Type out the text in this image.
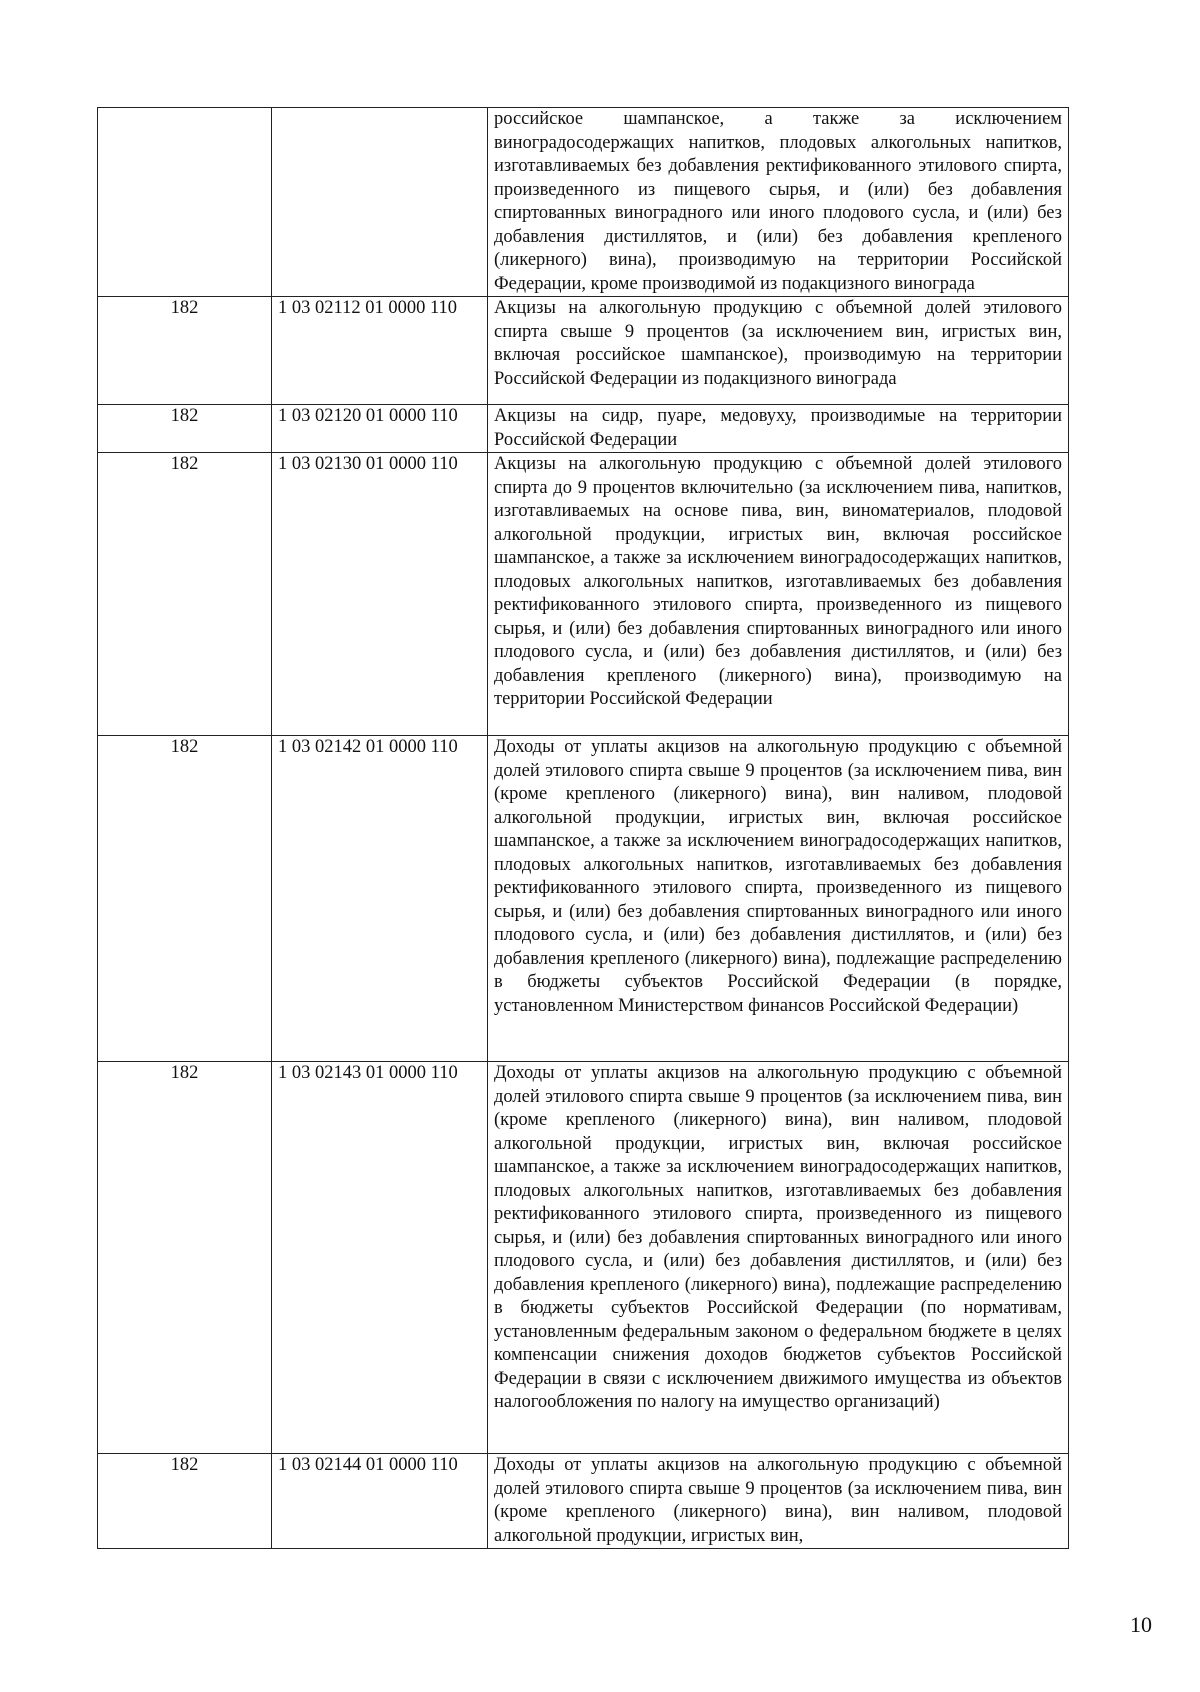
		российское шампанское, а также за исключением виноградосодержащих напитков, плодовых алкогольных напитков, изготавливаемых без добавления ректификованного этилового спирта, произведенного из пищевого сырья, и (или) без добавления спиртованных виноградного или иного плодового сусла, и (или) без добавления дистиллятов, и (или) без добавления крепленого (ликерного) вина), производимую на территории Российской Федерации, кроме производимой из подакцизного винограда
182	1 03 02112 01 0000 110	Акцизы на алкогольную продукцию с объемной долей этилового спирта свыше 9 процентов (за исключением вин, игристых вин, включая российское шампанское), производимую на территории Российской Федерации из подакцизного винограда
182	1 03 02120 01 0000 110	Акцизы на сидр, пуаре, медовуху, производимые на территории Российской Федерации
182	1 03 02130 01 0000 110	Акцизы на алкогольную продукцию с объемной долей этилового спирта до 9 процентов включительно (за исключением пива, напитков, изготавливаемых на основе пива, вин, виноматериалов, плодовой алкогольной продукции, игристых вин, включая российское шампанское, а также за исключением виноградосодержащих напитков, плодовых алкогольных напитков, изготавливаемых без добавления ректификованного этилового спирта, произведенного из пищевого сырья, и (или) без добавления спиртованных виноградного или иного плодового сусла, и (или) без добавления дистиллятов, и (или) без добавления крепленого (ликерного) вина), производимую на территории Российской Федерации
182	1 03 02142 01 0000 110	Доходы от уплаты акцизов на алкогольную продукцию с объемной долей этилового спирта свыше 9 процентов (за исключением пива, вин (кроме крепленого (ликерного) вина), вин наливом, плодовой алкогольной продукции, игристых вин, включая российское шампанское, а также за исключением виноградосодержащих напитков, плодовых алкогольных напитков, изготавливаемых без добавления ректификованного этилового спирта, произведенного из пищевого сырья, и (или) без добавления спиртованных виноградного или иного плодового сусла, и (или) без добавления дистиллятов, и (или) без добавления крепленого (ликерного) вина), подлежащие распределению в бюджеты субъектов Российской Федерации (в порядке, установленном Министерством финансов Российской Федерации)
182	1 03 02143 01 0000 110	Доходы от уплаты акцизов на алкогольную продукцию с объемной долей этилового спирта свыше 9 процентов (за исключением пива, вин (кроме крепленого (ликерного) вина), вин наливом, плодовой алкогольной продукции, игристых вин, включая российское шампанское, а также за исключением виноградосодержащих напитков, плодовых алкогольных напитков, изготавливаемых без добавления ректификованного этилового спирта, произведенного из пищевого сырья, и (или) без добавления спиртованных виноградного или иного плодового сусла, и (или) без добавления дистиллятов, и (или) без добавления крепленого (ликерного) вина), подлежащие распределению в бюджеты субъектов Российской Федерации (по нормативам, установленным федеральным законом о федеральном бюджете в целях компенсации снижения доходов бюджетов субъектов Российской Федерации в связи с исключением движимого имущества из объектов налогообложения по налогу на имущество организаций)
182	1 03 02144 01 0000 110	Доходы от уплаты акцизов на алкогольную продукцию с объемной долей этилового спирта свыше 9 процентов (за исключением пива, вин (кроме крепленого (ликерного) вина), вин наливом, плодовой алкогольной продукции, игристых вин,
10
